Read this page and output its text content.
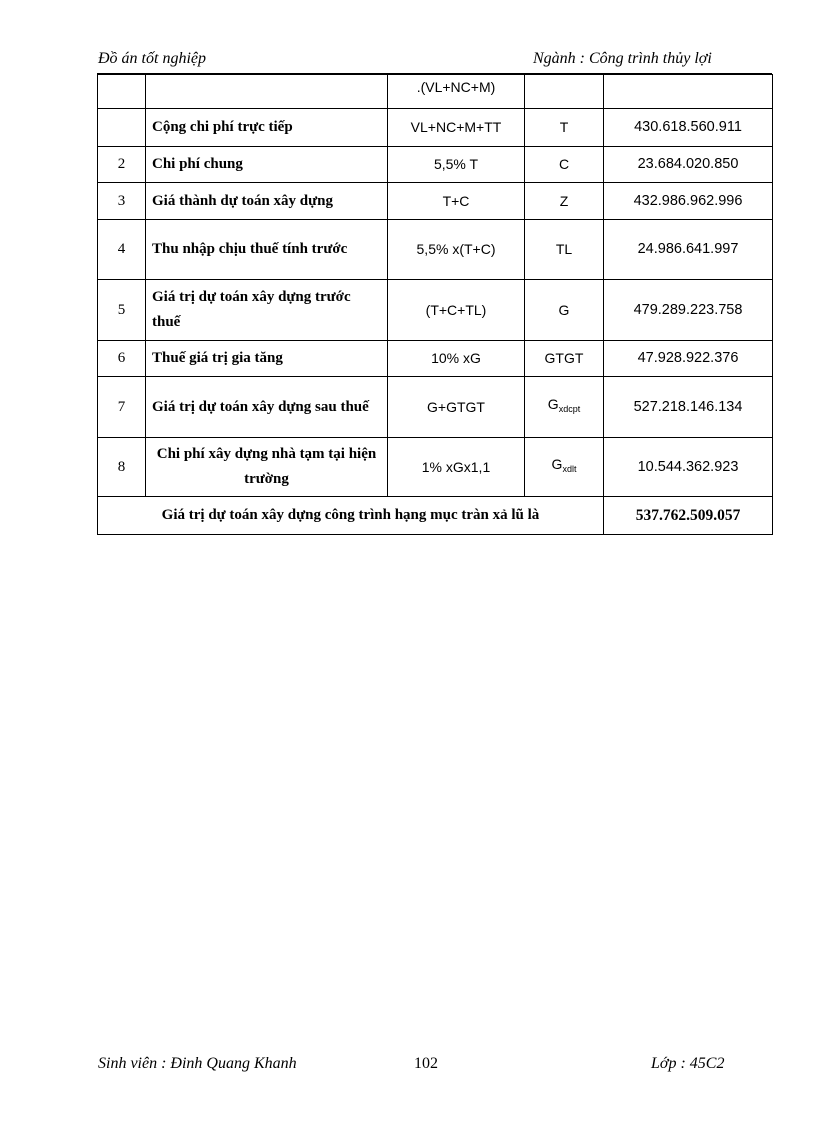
Đồ án tốt nghiệp	Ngành : Công trình thủy lợi
		.(VL+NC+M)		
	Cộng chi phí trực tiếp	VL+NC+M+TT	T	430.618.560.911
2	Chi phí chung	5,5% T	C	23.684.020.850
3	Giá thành dự toán xây dựng	T+C	Z	432.986.962.996
4	Thu nhập chịu thuế tính trước	5,5% x(T+C)	TL	24.986.641.997
5	Giá trị dự toán xây dựng trước thuế	(T+C+TL)	G	479.289.223.758
6	Thuế giá trị gia tăng	10% xG	GTGT	47.928.922.376
7	Giá trị dự toán xây dựng sau thuế	G+GTGT	$G_{xdcpt}$	527.218.146.134
8	Chi phí xây dựng nhà tạm tại hiện trường	1% xGx1,1	$G_{xdlt}$	10.544.362.923
Giá trị dự toán xây dựng công trình hạng mục tràn xả lũ là				537.762.509.057
Sinh viên : Đinh Quang Khanh	102	Lớp : 45C2
